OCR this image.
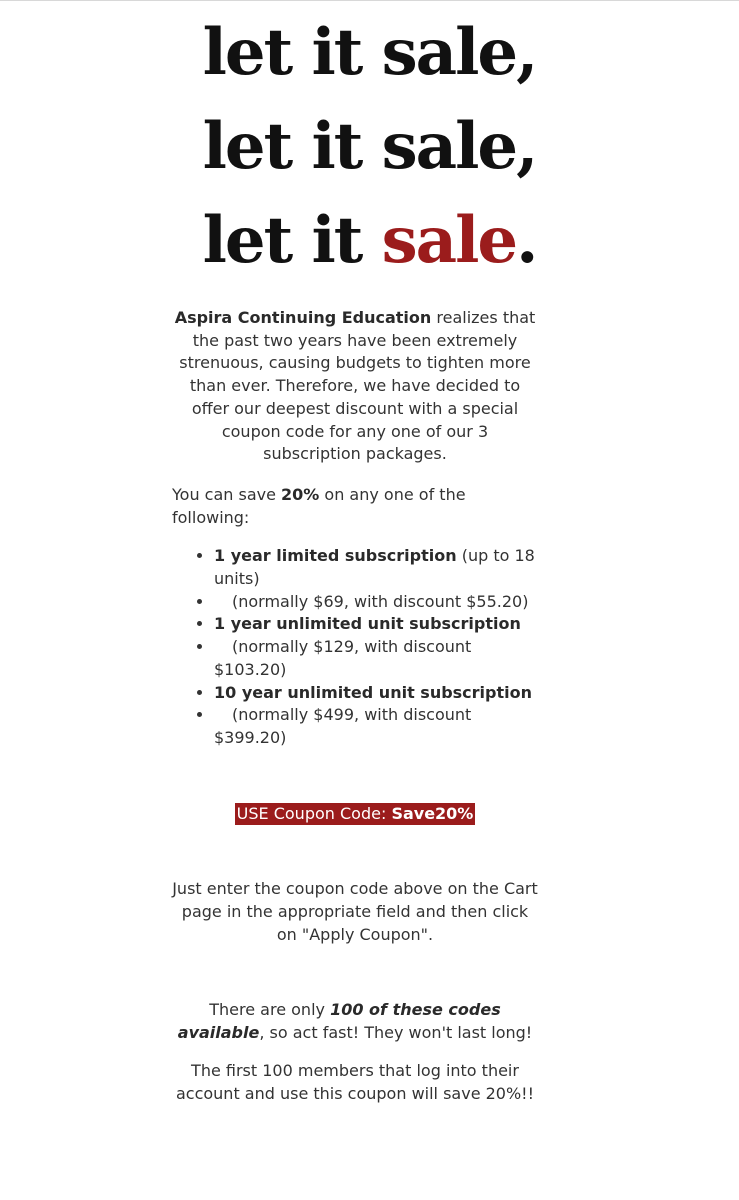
let it sale,
let it sale,
let it sale.

Aspira Continuing Education realizes that the past two years have been extremely strenuous, causing budgets to tighten more than ever. Therefore, we have decided to offer our deepest discount with a special coupon code for any one of our 3 subscription packages.

You can save 20% on any one of the following:

• 1 year limited subscription (up to 18 units)
• (normally $69, with discount $55.20)
• 1 year unlimited unit subscription
• (normally $129, with discount $103.20)
• 10 year unlimited unit subscription
• (normally $499, with discount $399.20)
USE Coupon Code: Save20%

Just enter the coupon code above on the Cart page in the appropriate field and then click on "Apply Coupon".

There are only 100 of these codes available, so act fast! They won't last long!

The first 100 members that log into their account and use this coupon will save 20%!!
